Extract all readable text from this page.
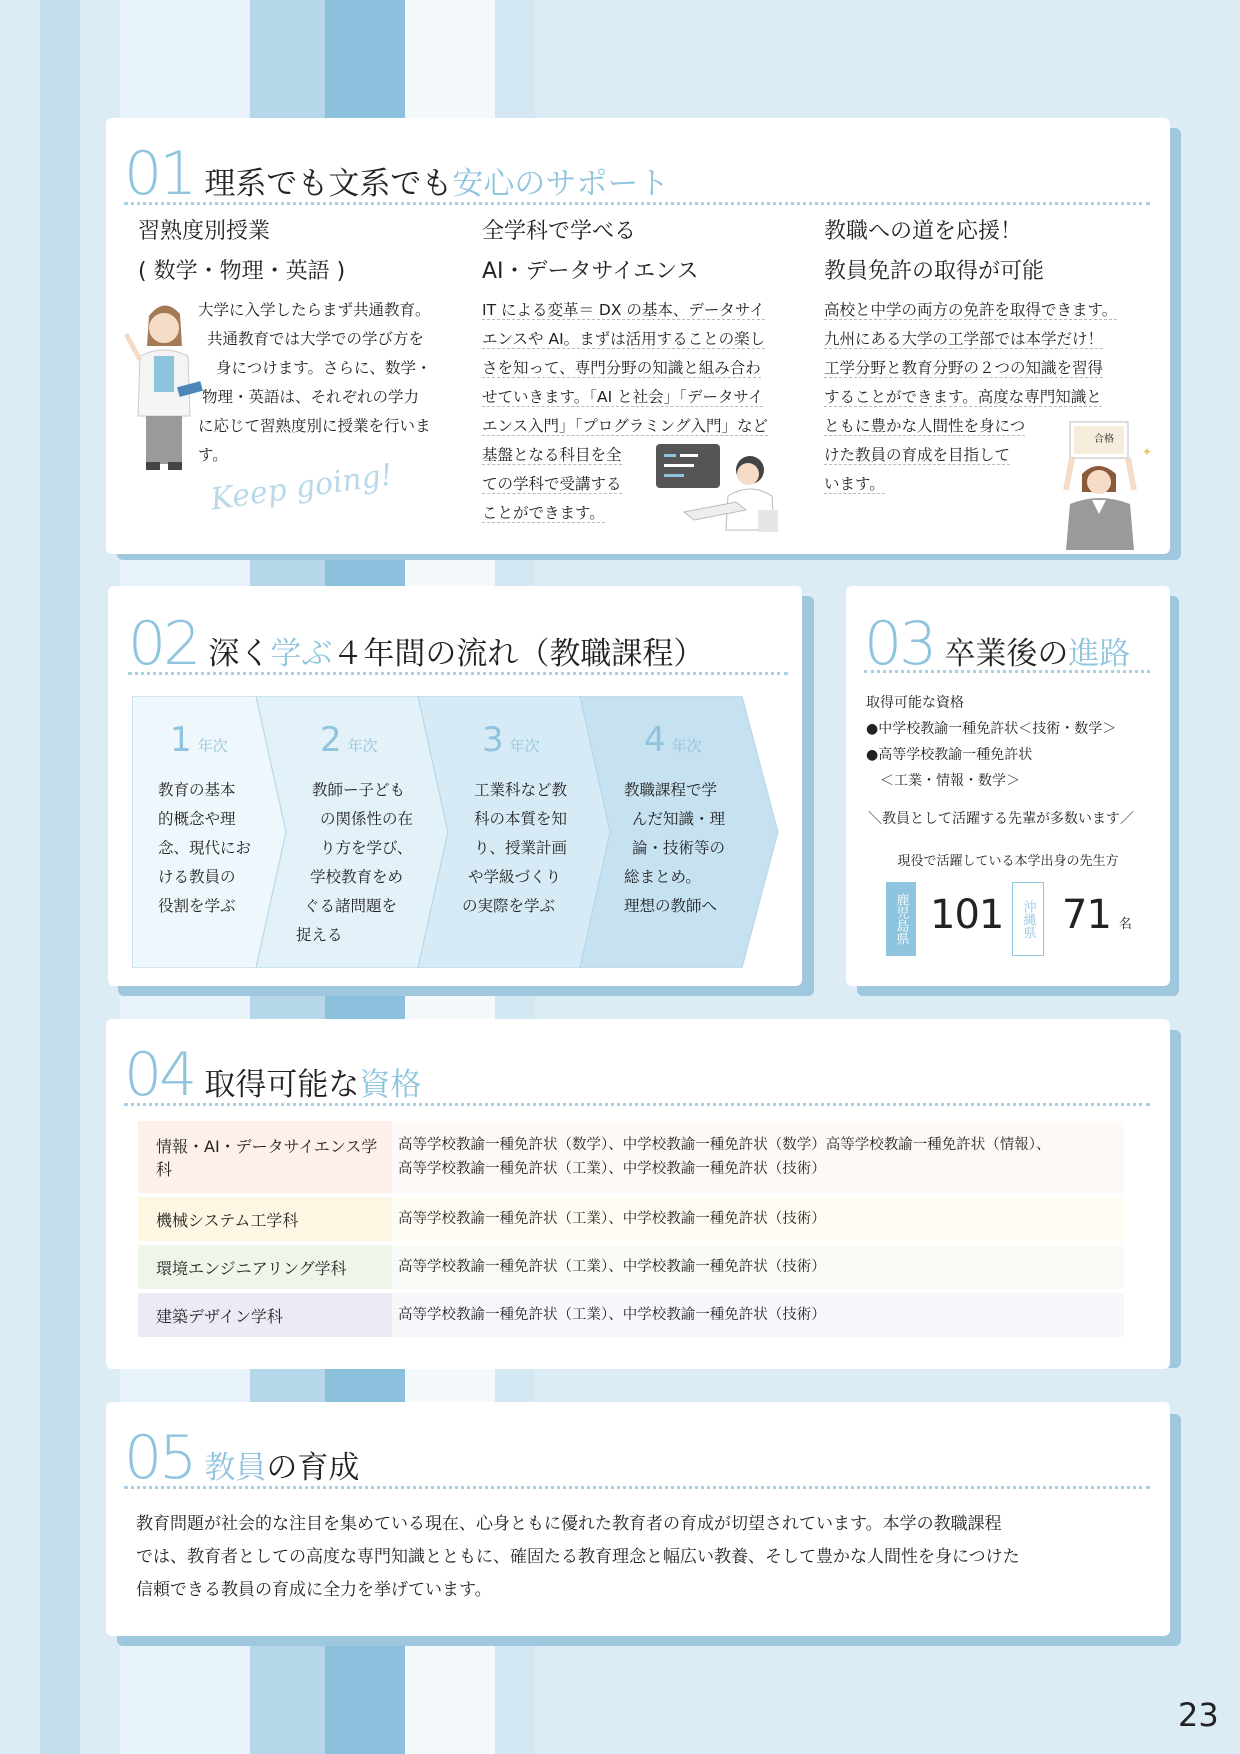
01 理系でも文系でも安心のサポート
習熟度別授業
( 数学・物理・英語 )
大学に入学したらまず共通教育。
共通教育では大学での学び方を
身につけます。さらに、数学・
物理・英語は、それぞれの学力
に応じて習熟度別に授業を行いま
す。
Keep going!
全学科で学べる
AI・データサイエンス
IT による変革＝ DX の基本、データサイ
エンスや AI。まずは活用することの楽し
さを知って、専門分野の知識と組み合わ
せていきます。「AI と社会」「データサイ
エンス入門」「プログラミング入門」など
基盤となる科目を全
ての学科で受講する
ことができます。
教職への道を応援！
教員免許の取得が可能
高校と中学の両方の免許を取得できます。
九州にある大学の工学部では本学だけ！
工学分野と教育分野の２つの知識を習得
することができます。高度な専門知識と
ともに豊かな人間性を身につ
けた教員の育成を目指して
います。
合格
✦
02 深く学ぶ４年間の流れ（教職課程）
1 年次
教育の基本
的概念や理
念、現代にお
ける教員の
役割を学ぶ
2 年次
教師ー子ども
の関係性の在
り方を学び、
学校教育をめ
ぐる諸問題を
捉える
3 年次
工業科など教
科の本質を知
り、授業計画
や学級づくり
の実際を学ぶ
4 年次
教職課程で学
んだ知識・理
論・技術等の
総まとめ。
理想の教師へ
03 卒業後の進路
取得可能な資格
●中学校教諭一種免許状＜技術・数学＞
●高等学校教諭一種免許状
＜工業・情報・数学＞
＼教員として活躍する先輩が多数います／
現役で活躍している本学出身の先生方
鹿児島県 101	沖縄県 71 名
04 取得可能な資格
情報・AI・データサイエンス学科	高等学校教諭一種免許状（数学）、中学校教諭一種免許状（数学）高等学校教諭一種免許状（情報）、
高等学校教諭一種免許状（工業）、中学校教諭一種免許状（技術）

機械システム工学科	高等学校教諭一種免許状（工業）、中学校教諭一種免許状（技術）
環境エンジニアリング学科	高等学校教諭一種免許状（工業）、中学校教諭一種免許状（技術）
建築デザイン学科	高等学校教諭一種免許状（工業）、中学校教諭一種免許状（技術）
05 教員の育成
教育問題が社会的な注目を集めている現在、心身ともに優れた教育者の育成が切望されています。本学の教職課程
では、教育者としての高度な専門知識とともに、確固たる教育理念と幅広い教養、そして豊かな人間性を身につけた
信頼できる教員の育成に全力を挙げています。
23
